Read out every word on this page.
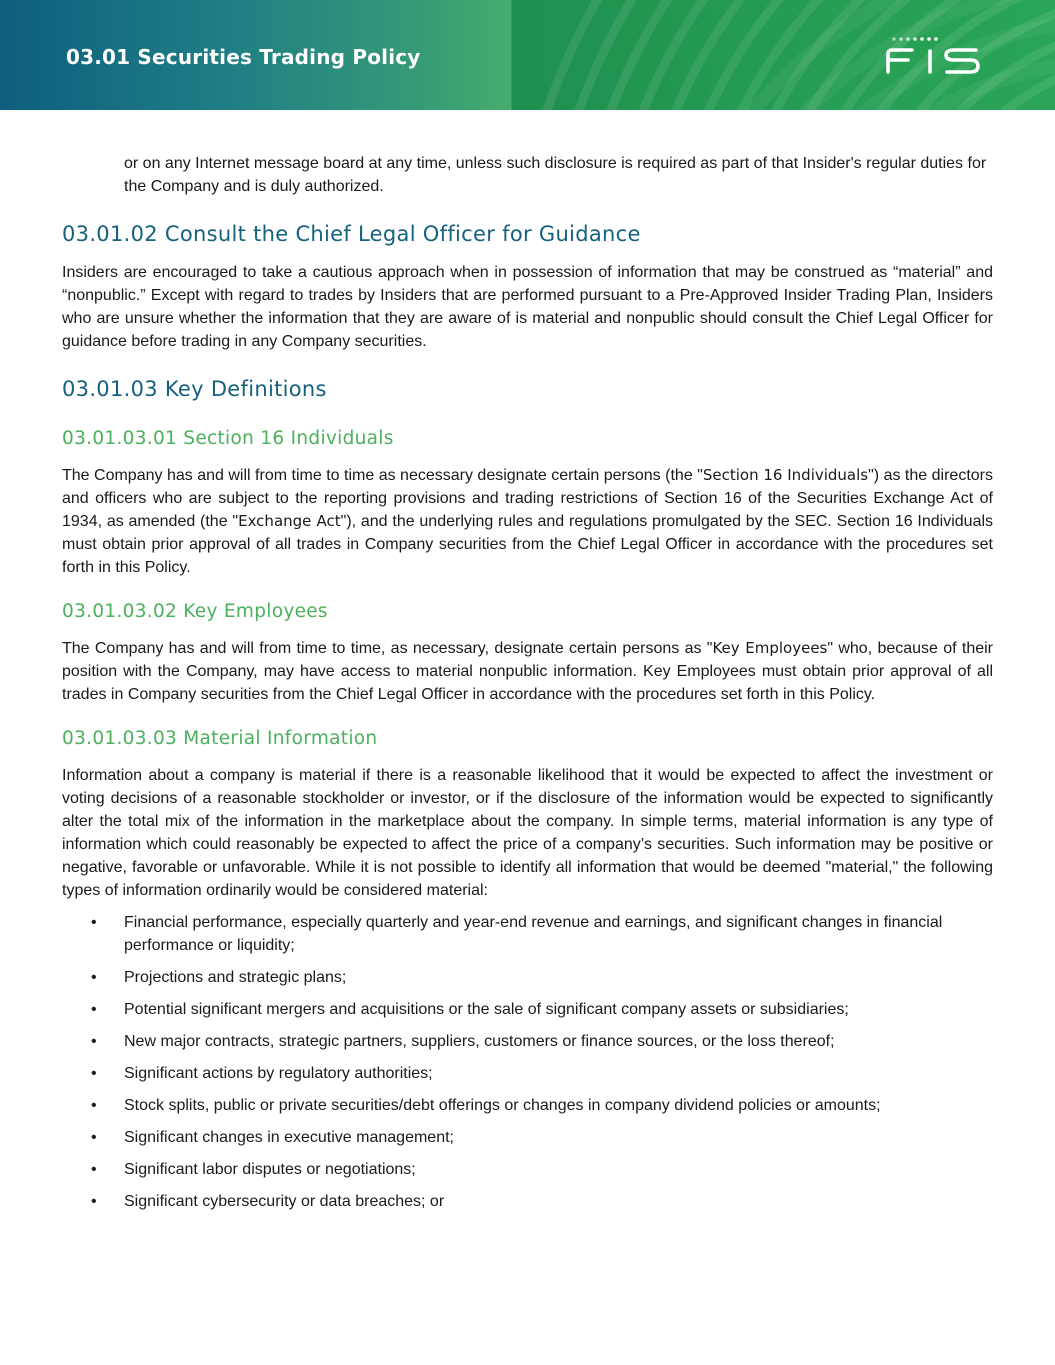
03.01 Securities Trading Policy

or on any Internet message board at any time, unless such disclosure is required as part of that Insider's regular duties for the Company and is duly authorized.

03.01.02 Consult the Chief Legal Officer for Guidance

Insiders are encouraged to take a cautious approach when in possession of information that may be construed as “material” and “nonpublic.” Except with regard to trades by Insiders that are performed pursuant to a Pre-Approved Insider Trading Plan, Insiders who are unsure whether the information that they are aware of is material and nonpublic should consult the Chief Legal Officer for guidance before trading in any Company securities.

03.01.03 Key Definitions
03.01.03.01 Section 16 Individuals

The Company has and will from time to time as necessary designate certain persons (the "Section 16 Individuals") as the directors and officers who are subject to the reporting provisions and trading restrictions of Section 16 of the Securities Exchange Act of 1934, as amended (the "Exchange Act"), and the underlying rules and regulations promulgated by the SEC. Section 16 Individuals must obtain prior approval of all trades in Company securities from the Chief Legal Officer in accordance with the procedures set forth in this Policy.

03.01.03.02 Key Employees

The Company has and will from time to time, as necessary, designate certain persons as "Key Employees" who, because of their position with the Company, may have access to material nonpublic information. Key Employees must obtain prior approval of all trades in Company securities from the Chief Legal Officer in accordance with the procedures set forth in this Policy.

03.01.03.03 Material Information

Information about a company is material if there is a reasonable likelihood that it would be expected to affect the investment or voting decisions of a reasonable stockholder or investor, or if the disclosure of the information would be expected to significantly alter the total mix of the information in the marketplace about the company. In simple terms, material information is any type of information which could reasonably be expected to affect the price of a company’s securities. Such information may be positive or negative, favorable or unfavorable. While it is not possible to identify all information that would be deemed "material," the following types of information ordinarily would be considered material:

• Financial performance, especially quarterly and year-end revenue and earnings, and significant changes in financial performance or liquidity;
• Projections and strategic plans;
• Potential significant mergers and acquisitions or the sale of significant company assets or subsidiaries;
• New major contracts, strategic partners, suppliers, customers or finance sources, or the loss thereof;
• Significant actions by regulatory authorities;
• Stock splits, public or private securities/debt offerings or changes in company dividend policies or amounts;
• Significant changes in executive management;
• Significant labor disputes or negotiations;
• Significant cybersecurity or data breaches; or
